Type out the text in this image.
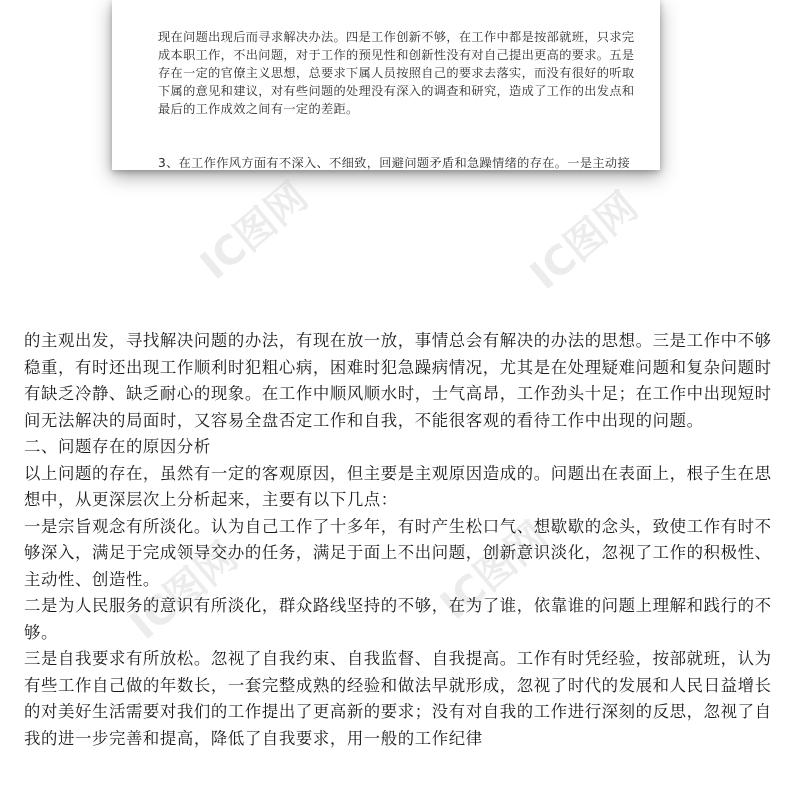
现在问题出现后而寻求解决办法。四是工作创新不够，在工作中都是按部就班，只求完成本职工作，不出问题，对于工作的预见性和创新性没有对自己提出更高的要求。五是存在一定的官僚主义思想，总要求下属人员按照自己的要求去落实，而没有很好的听取下属的意见和建议，对有些问题的处理没有深入的调查和研究，造成了工作的出发点和最后的工作成效之间有一定的差距。

3、在工作作风方面有不深入、不细致，回避问题矛盾和急躁情绪的存在。一是主动接

IC图网	IC图网
IC图网	IC图网

的主观出发，寻找解决问题的办法，有现在放一放，事情总会有解决的办法的思想。三是工作中不够稳重，有时还出现工作顺利时犯粗心病，困难时犯急躁病情况，尤其是在处理疑难问题和复杂问题时有缺乏冷静、缺乏耐心的现象。在工作中顺风顺水时，士气高昂，工作劲头十足；在工作中出现短时间无法解决的局面时，又容易全盘否定工作和自我，不能很客观的看待工作中出现的问题。

二、问题存在的原因分析

以上问题的存在，虽然有一定的客观原因，但主要是主观原因造成的。问题出在表面上，根子生在思想中，从更深层次上分析起来，主要有以下几点：

一是宗旨观念有所淡化。认为自己工作了十多年，有时产生松口气、想歇歇的念头，致使工作有时不够深入，满足于完成领导交办的任务，满足于面上不出问题，创新意识淡化，忽视了工作的积极性、主动性、创造性。

二是为人民服务的意识有所淡化，群众路线坚持的不够，在为了谁，依靠谁的问题上理解和践行的不够。

三是自我要求有所放松。忽视了自我约束、自我监督、自我提高。工作有时凭经验，按部就班，认为有些工作自己做的年数长，一套完整成熟的经验和做法早就形成，忽视了时代的发展和人民日益增长的对美好生活需要对我们的工作提出了更高新的要求；没有对自我的工作进行深刻的反思，忽视了自我的进一步完善和提高，降低了自我要求，用一般的工作纪律
